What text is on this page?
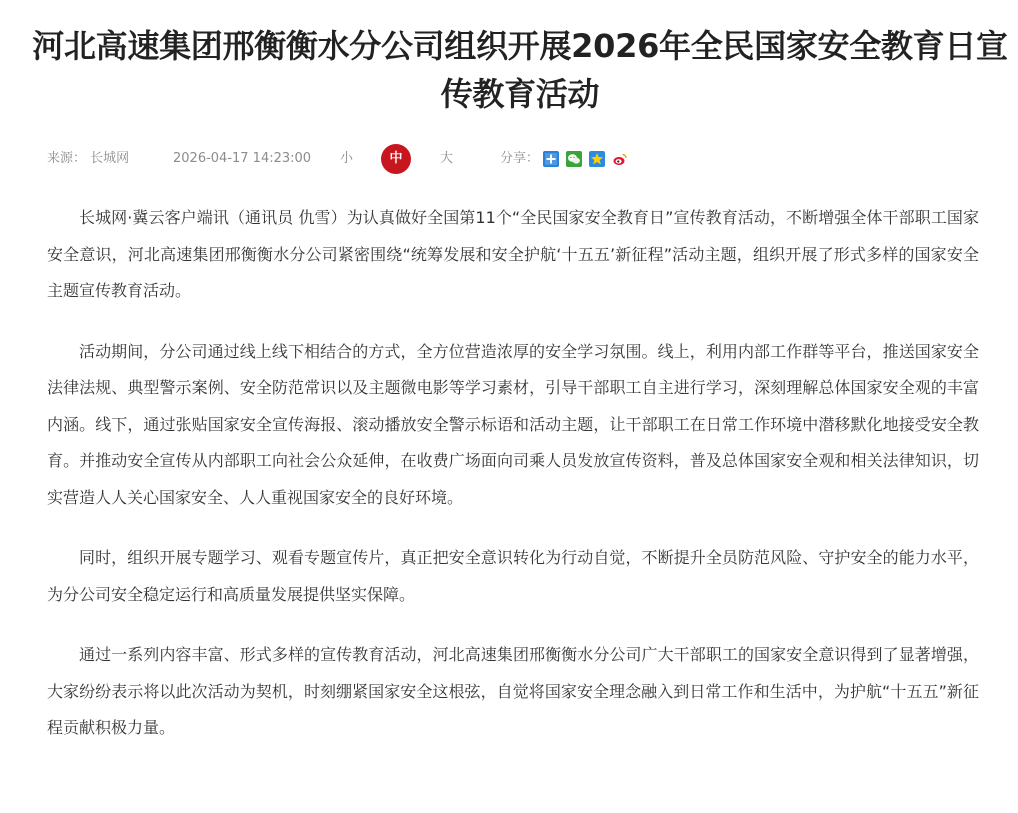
河北高速集团邢衡衡水分公司组织开展2026年全民国家安全教育日宣传教育活动
来源： 长城网	2026-04-17 14:23:00 小	中	大	分享：

长城网·冀云客户端讯（通讯员 仇雪）为认真做好全国第11个“全民国家安全教育日”宣传教育活动，不断增强全体干部职工国家安全意识，河北高速集团邢衡衡水分公司紧密围绕“统筹发展和安全护航‘十五五’新征程”活动主题，组织开展了形式多样的国家安全主题宣传教育活动。

活动期间，分公司通过线上线下相结合的方式，全方位营造浓厚的安全学习氛围。线上，利用内部工作群等平台，推送国家安全法律法规、典型警示案例、安全防范常识以及主题微电影等学习素材，引导干部职工自主进行学习，深刻理解总体国家安全观的丰富内涵。线下，通过张贴国家安全宣传海报、滚动播放安全警示标语和活动主题，让干部职工在日常工作环境中潜移默化地接受安全教育。并推动安全宣传从内部职工向社会公众延伸，在收费广场面向司乘人员发放宣传资料，普及总体国家安全观和相关法律知识，切实营造人人关心国家安全、人人重视国家安全的良好环境。

同时，组织开展专题学习、观看专题宣传片，真正把安全意识转化为行动自觉，不断提升全员防范风险、守护安全的能力水平，为分公司安全稳定运行和高质量发展提供坚实保障。

通过一系列内容丰富、形式多样的宣传教育活动，河北高速集团邢衡衡水分公司广大干部职工的国家安全意识得到了显著增强，大家纷纷表示将以此次活动为契机，时刻绷紧国家安全这根弦，自觉将国家安全理念融入到日常工作和生活中，为护航“十五五”新征程贡献积极力量。
